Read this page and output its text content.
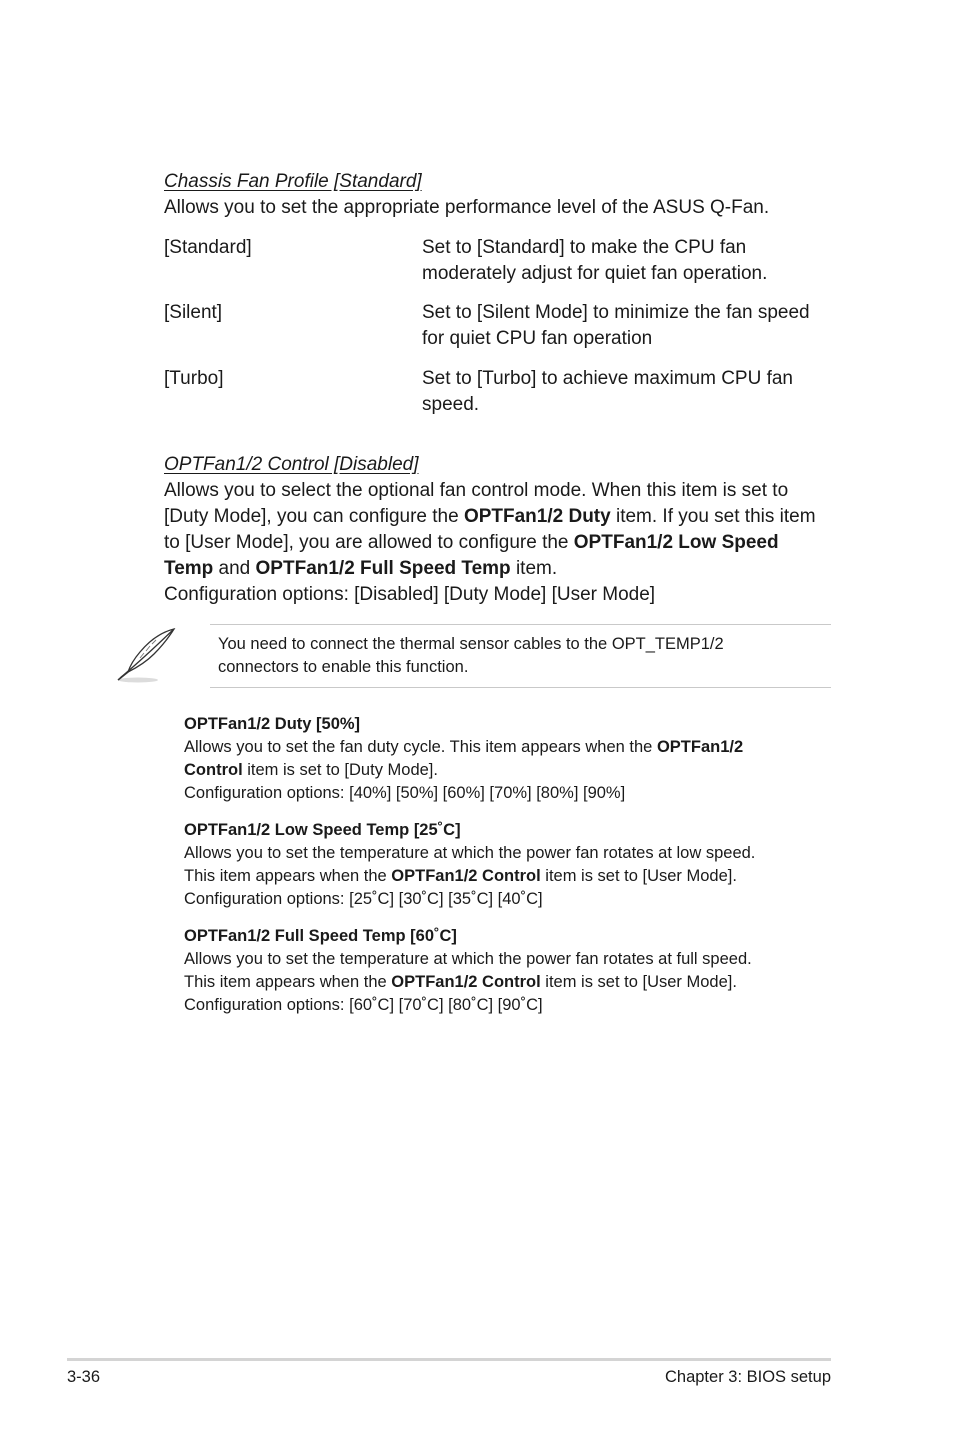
Chassis Fan Profile [Standard]
Allows you to set the appropriate performance level of the ASUS Q-Fan.
[Standard]	Set to [Standard] to make the CPU fan
moderately adjust for quiet fan operation.
[Silent]	Set to [Silent Mode] to minimize the fan speed
for quiet CPU fan operation
[Turbo]	Set to [Turbo] to achieve maximum CPU fan
speed.
OPTFan1/2 Control [Disabled]
Allows you to select the optional fan control mode. When this item is set to
[Duty Mode], you can configure the OPTFan1/2 Duty item. If you set this item
to [User Mode], you are allowed to configure the OPTFan1/2 Low Speed
Temp and OPTFan1/2 Full Speed Temp item.
Configuration options: [Disabled] [Duty Mode] [User Mode]
You need to connect the thermal sensor cables to the OPT_TEMP1/2
connectors to enable this function.
OPTFan1/2 Duty [50%]
Allows you to set the fan duty cycle. This item appears when the OPTFan1/2
Control item is set to [Duty Mode].
Configuration options: [40%] [50%] [60%] [70%] [80%] [90%]
OPTFan1/2 Low Speed Temp [25˚C]
Allows you to set the temperature at which the power fan rotates at low speed.
This item appears when the OPTFan1/2 Control item is set to [User Mode].
Configuration options: [25˚C] [30˚C] [35˚C] [40˚C]
OPTFan1/2 Full Speed Temp [60˚C]
Allows you to set the temperature at which the power fan rotates at full speed.
This item appears when the OPTFan1/2 Control item is set to [User Mode].
Configuration options: [60˚C] [70˚C] [80˚C] [90˚C]
3-36	Chapter 3: BIOS setup
